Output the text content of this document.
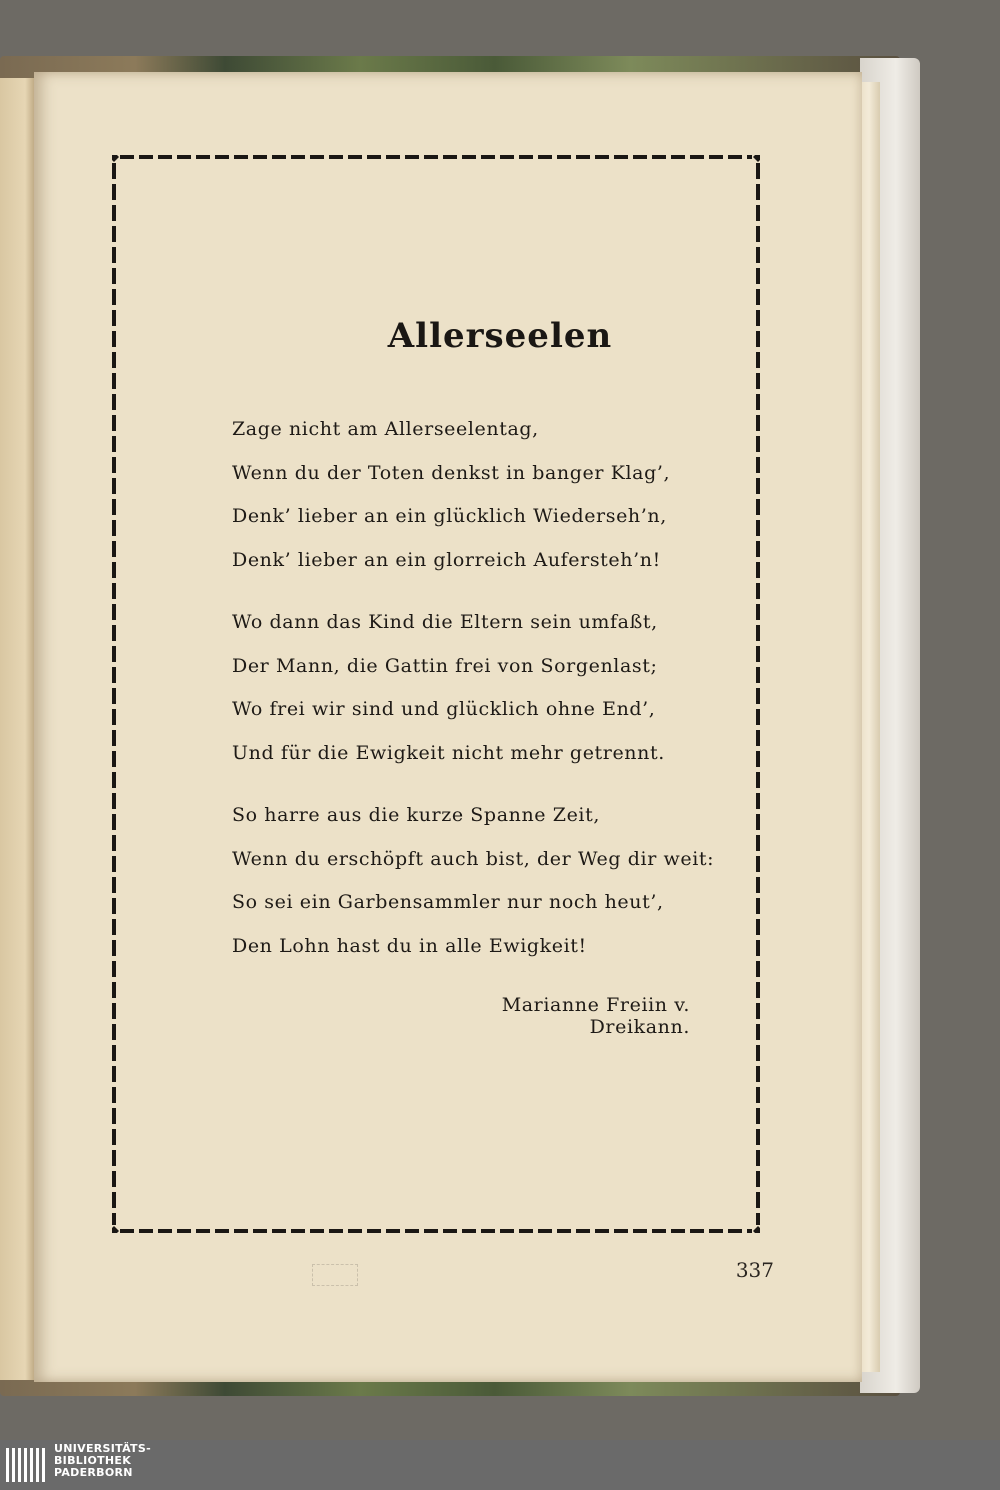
Allerseelen
Zage nicht am Allerseelentag,
Wenn du der Toten denkst in banger Klag’,
Denk’ lieber an ein glücklich Wiederseh’n,
Denk’ lieber an ein glorreich Aufersteh’n!
Wo dann das Kind die Eltern sein umfaßt,
Der Mann, die Gattin frei von Sorgenlast;
Wo frei wir sind und glücklich ohne End’,
Und für die Ewigkeit nicht mehr getrennt.
So harre aus die kurze Spanne Zeit,
Wenn du erschöpft auch bist, der Weg dir weit:
So sei ein Garbensammler nur noch heut’,
Den Lohn hast du in alle Ewigkeit!
Marianne Freiin v. Dreikann.
337
UNIVERSITÄTS-
BIBLIOTHEK
PADERBORN
